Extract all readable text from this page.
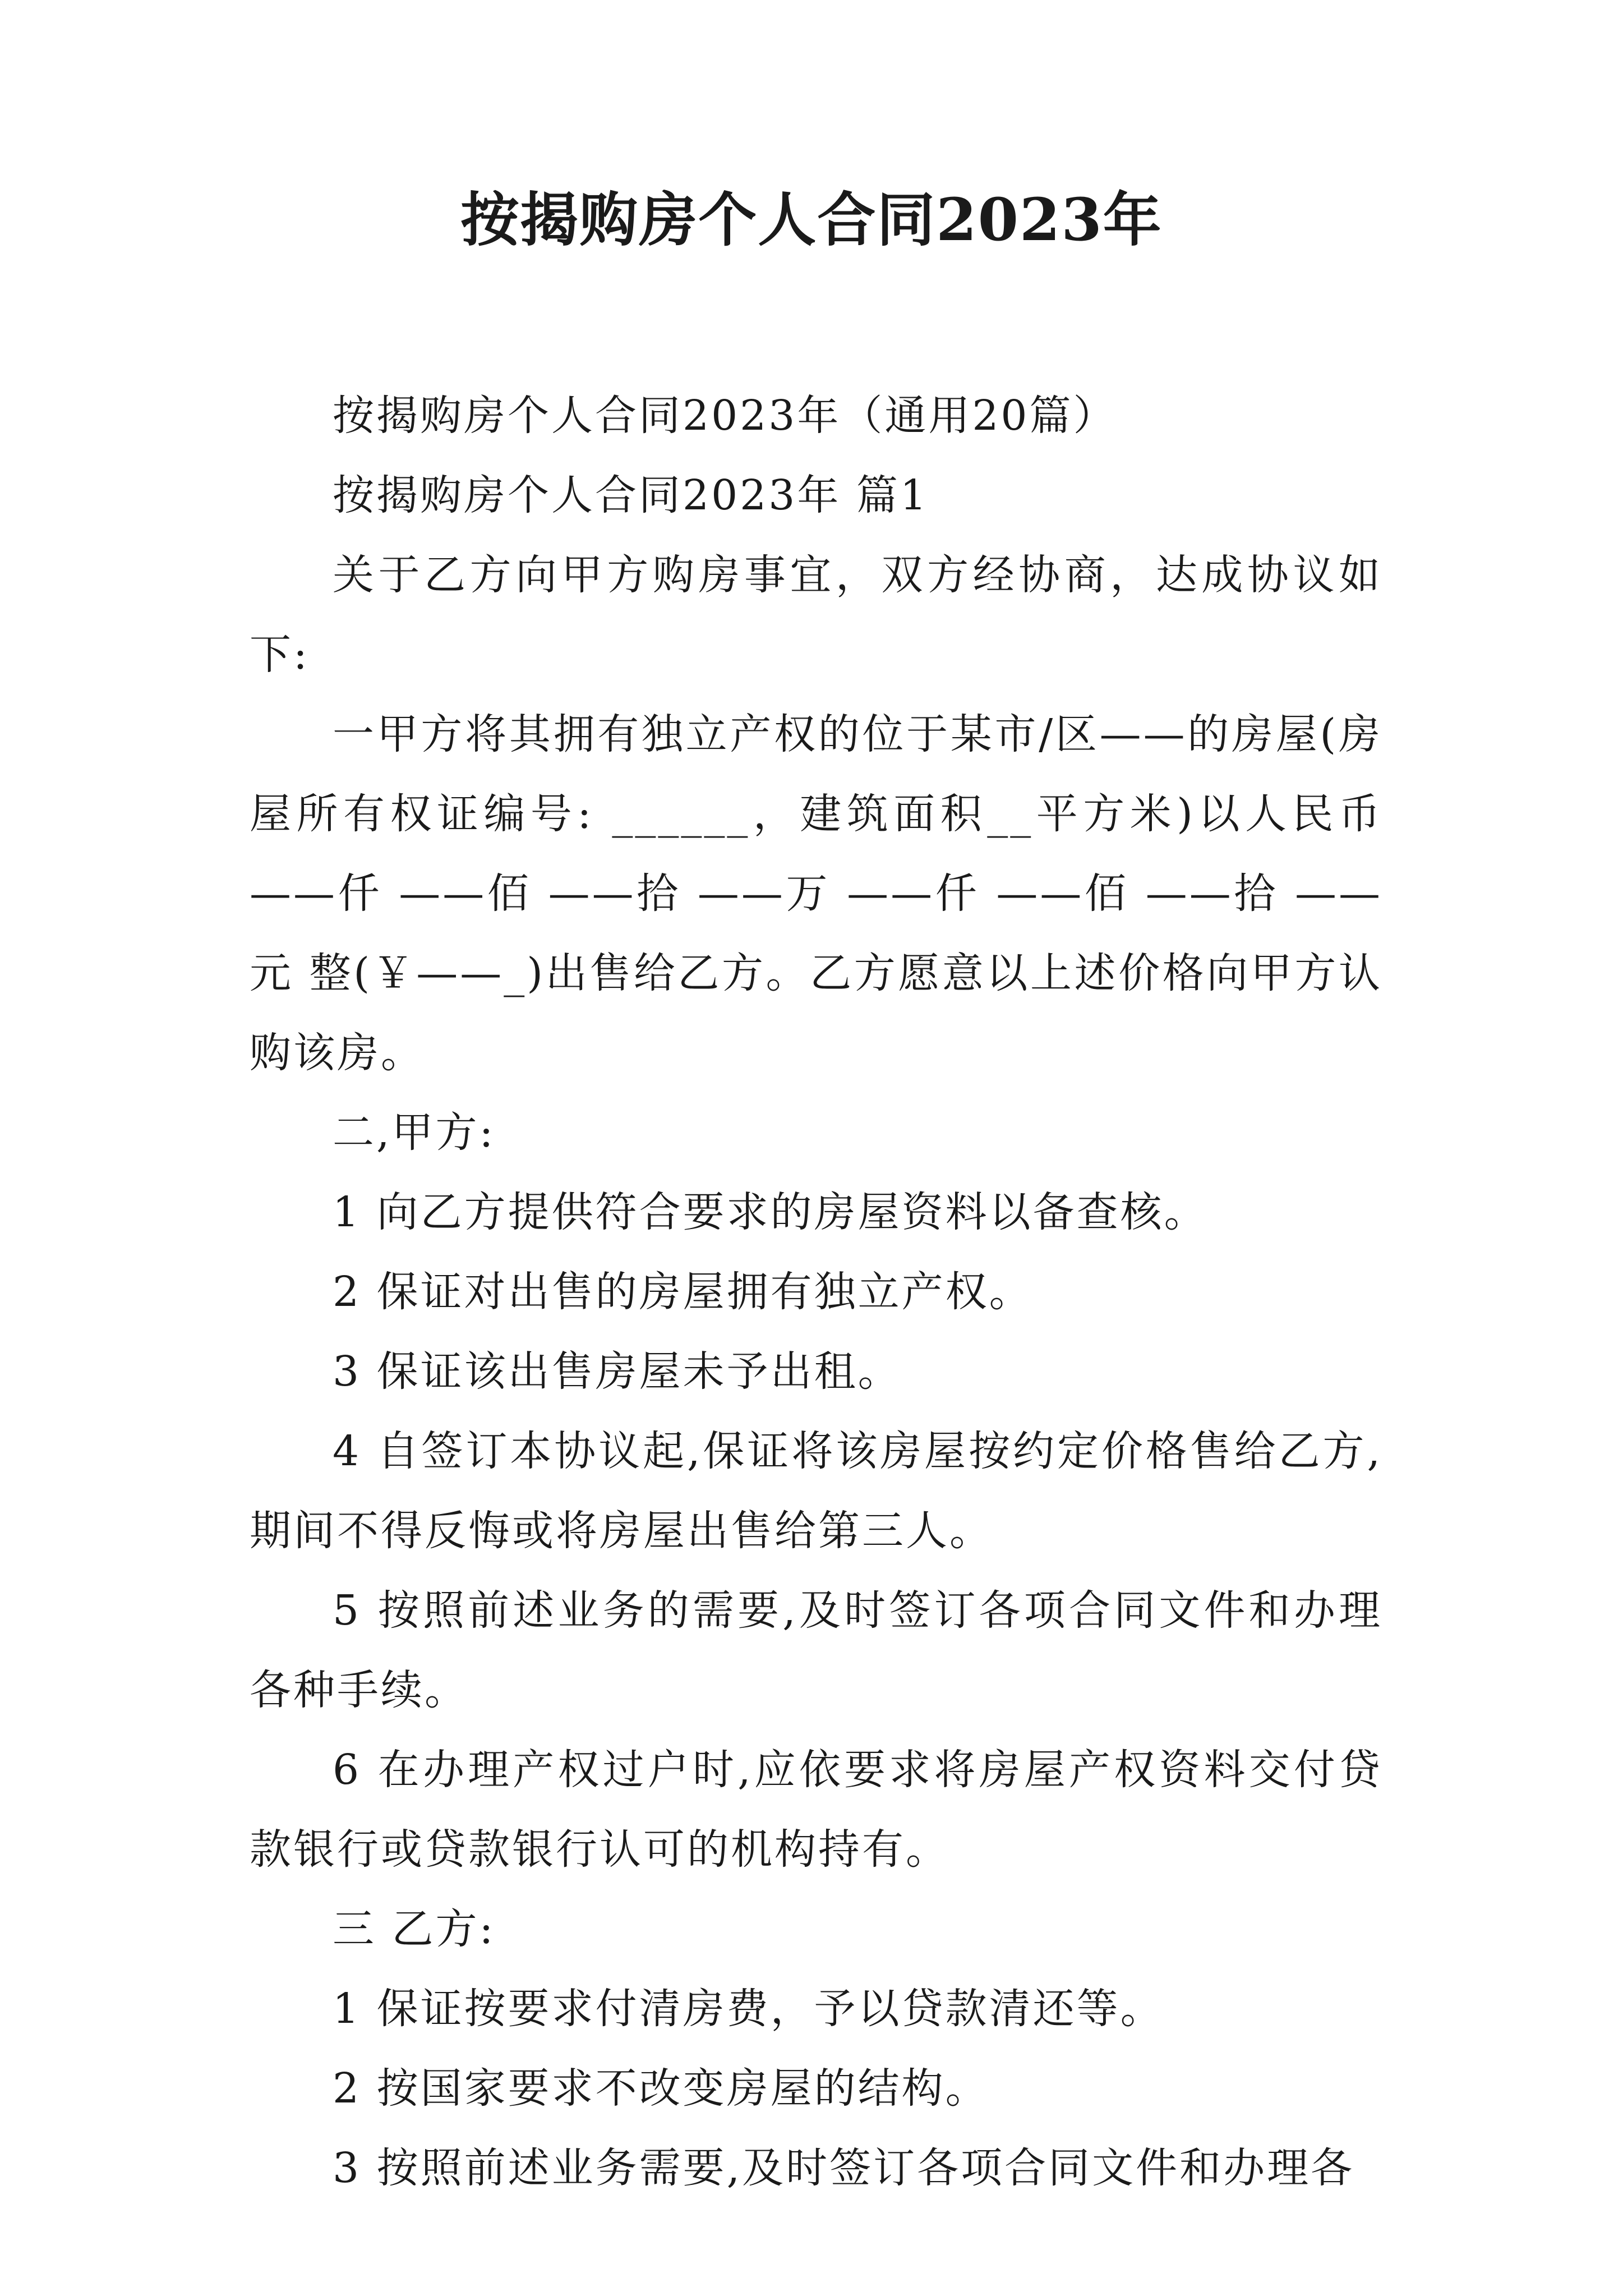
按揭购房个人合同2023年

按揭购房个人合同2023年（通用20篇）

按揭购房个人合同2023年 篇1

关于乙方向甲方购房事宜，双方经协商，达成协议如下:

一甲方将其拥有独立产权的位于某市/区——的房屋(房屋所有权证编号: ______，建筑面积__平方米)以人民币——仟 ——佰 ——拾 ——万 ——仟 ——佰 ——拾 ——元 整(￥——_)出售给乙方。乙方愿意以上述价格向甲方认购该房。

二,甲方:

1 向乙方提供符合要求的房屋资料以备查核。

2 保证对出售的房屋拥有独立产权。

3 保证该出售房屋未予出租。

4 自签订本协议起,保证将该房屋按约定价格售给乙方,期间不得反悔或将房屋出售给第三人。

5 按照前述业务的需要,及时签订各项合同文件和办理各种手续。

6 在办理产权过户时,应依要求将房屋产权资料交付贷款银行或贷款银行认可的机构持有。

三 乙方:

1 保证按要求付清房费，予以贷款清还等。

2 按国家要求不改变房屋的结构。

3 按照前述业务需要,及时签订各项合同文件和办理各
